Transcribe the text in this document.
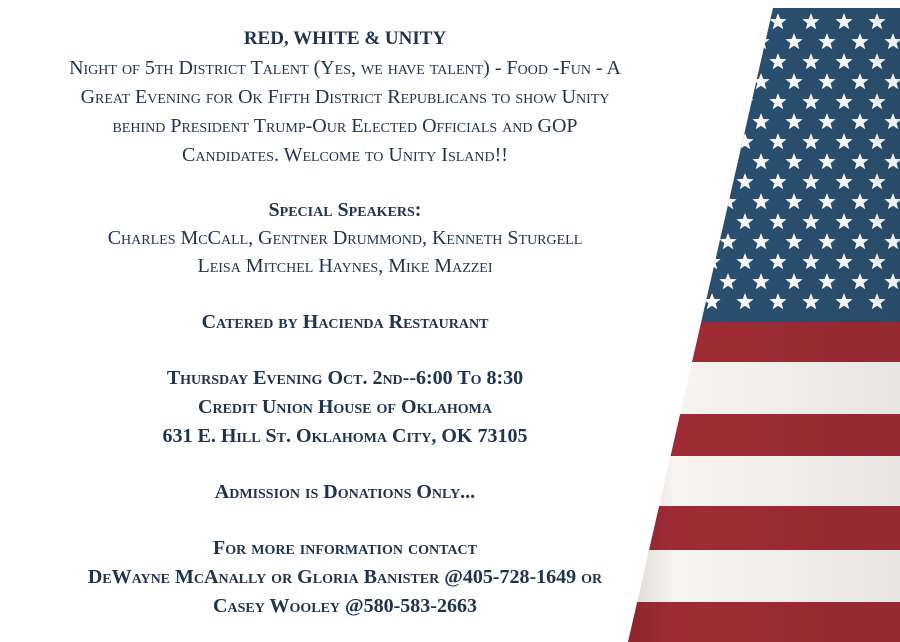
RED, WHITE & UNITY
Night of 5th District Talent (Yes, we have talent) - Food -Fun - A
Great Evening for Ok Fifth District Republicans to show Unity
behind President Trump-Our Elected Officials and GOP
Candidates. Welcome to Unity Island!!
Special Speakers:
Charles McCall, Gentner Drummond, Kenneth Sturgell
Leisa Mitchel Haynes, Mike Mazzei
Catered by Hacienda Restaurant
Thursday Evening Oct. 2nd--6:00 To 8:30
Credit Union House of Oklahoma
631 E. Hill St. Oklahoma City, OK 73105
Admission is Donations Only...
For more information contact
DeWayne McAnally or Gloria Banister @405-728-1649 or
Casey Wooley @580-583-2663
